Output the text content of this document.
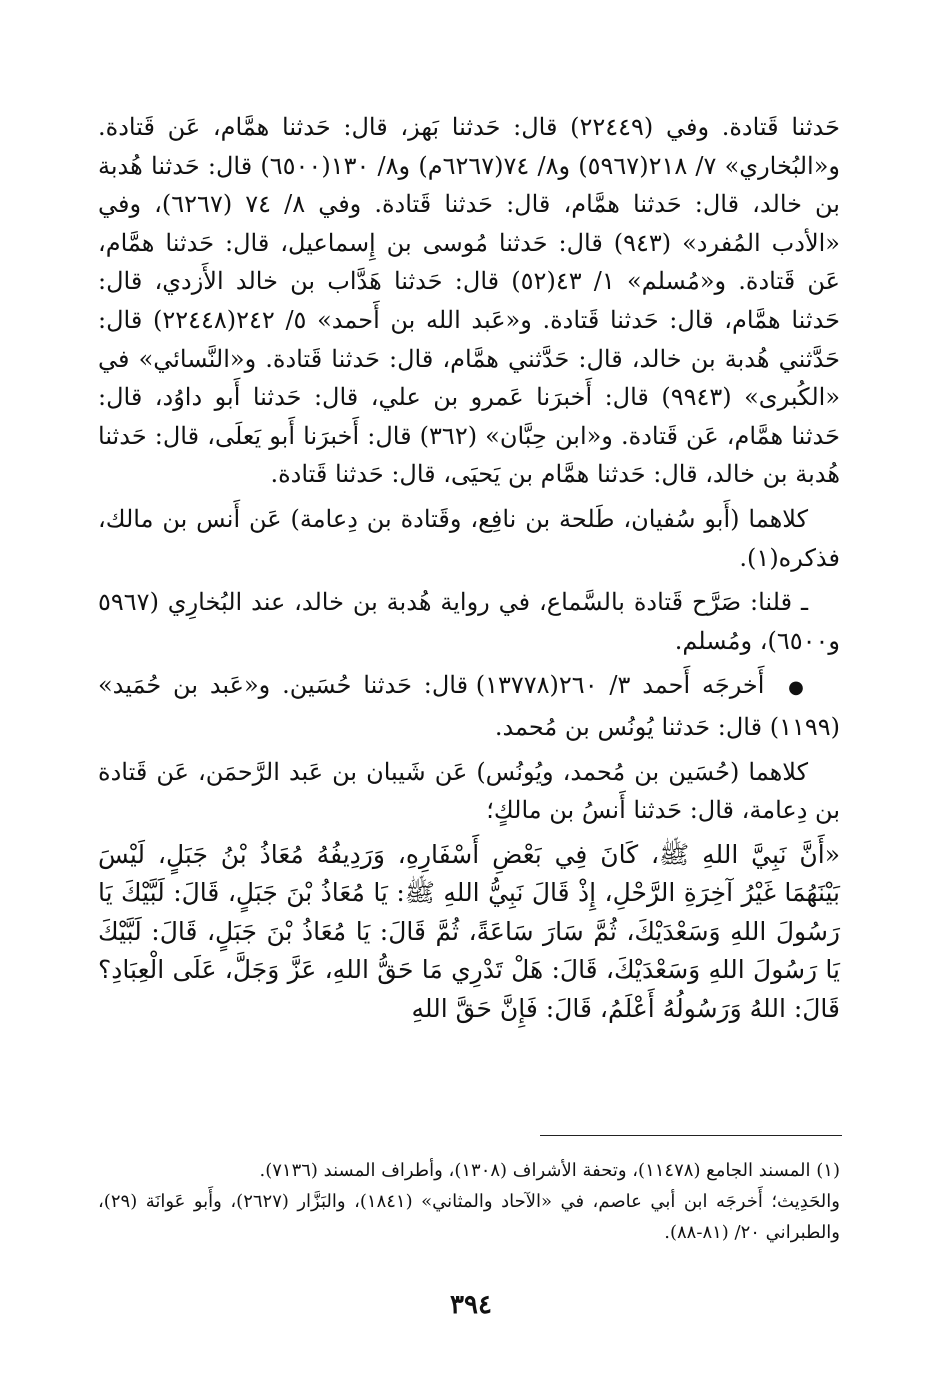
حَدثنا قَتادة. وفي (٢٢٤٤٩) قال: حَدثنا بَهز، قال: حَدثنا همَّام، عَن قَتادة. و«البُخاري» ٧/ ٢١٨(٥٩٦٧) و٨/ ٧٤(٦٢٦٧م) و٨/ ١٣٠(٦٥٠٠) قال: حَدثنا هُدبة بن خالد، قال: حَدثنا همَّام، قال: حَدثنا قَتادة. وفي ٨/ ٧٤ (٦٢٦٧)، وفي «الأدب المُفرد» (٩٤٣) قال: حَدثنا مُوسى بن إِسماعيل، قال: حَدثنا همَّام، عَن قَتادة. و«مُسلم» ١/ ٤٣(٥٢) قال: حَدثنا هَدَّاب بن خالد الأَزدي، قال: حَدثنا همَّام، قال: حَدثنا قَتادة. و«عَبد الله بن أَحمد» ٥/ ٢٤٢(٢٢٤٤٨) قال: حَدَّثني هُدبة بن خالد، قال: حَدَّثني همَّام، قال: حَدثنا قَتادة. و«النَّسائي» في «الكُبرى» (٩٩٤٣) قال: أَخبرَنا عَمرو بن علي، قال: حَدثنا أَبو داوُد، قال: حَدثنا همَّام، عَن قَتادة. و«ابن حِبَّان» (٣٦٢) قال: أَخبرَنا أَبو يَعلَى، قال: حَدثنا هُدبة بن خالد، قال: حَدثنا همَّام بن يَحيَى، قال: حَدثنا قَتادة.

كلاهما (أَبو سُفيان، طَلحة بن نافِع، وقَتادة بن دِعامة) عَن أَنس بن مالك، فذكره(١).

ـ قلنا: صَرَّح قَتادة بالسَّماع، في رواية هُدبة بن خالد، عند البُخارِي (٥٩٦٧ و٦٥٠٠)، ومُسلم.

●  أَخرجَه أَحمد ٣/ ٢٦٠(١٣٧٧٨) قال: حَدثنا حُسَين. و«عَبد بن حُمَيد» (١١٩٩) قال: حَدثنا يُونُس بن مُحمد.

كلاهما (حُسَين بن مُحمد، ويُونُس) عَن شَيبان بن عَبد الرَّحمَن، عَن قَتادة بن دِعامة، قال: حَدثنا أَنسُ بن مالكٍ؛

«أَنَّ نَبِيَّ اللهِ ﷺ، كَانَ فِي بَعْضِ أَسْفَارِهِ، وَرَدِيفُهُ مُعَاذُ بْنُ جَبَلٍ، لَيْسَ بَيْنَهُمَا غَيْرُ آخِرَةِ الرَّحْلِ، إِذْ قَالَ نَبِيُّ اللهِ ﷺ: يَا مُعَاذُ بْنَ جَبَلٍ، قَالَ: لَبَّيْكَ يَا رَسُولَ اللهِ وَسَعْدَيْكَ، ثُمَّ سَارَ سَاعَةً، ثُمَّ قَالَ: يَا مُعَاذُ بْنَ جَبَلٍ، قَالَ: لَبَّيْكَ يَا رَسُولَ اللهِ وَسَعْدَيْكَ، قَالَ: هَلْ تَدْرِي مَا حَقُّ اللهِ، عَزَّ وَجَلَّ، عَلَى الْعِبَادِ؟ قَالَ: اللهُ وَرَسُولُهُ أَعْلَمُ، قَالَ: فَإِنَّ حَقَّ اللهِ

(١) المسند الجامع (١١٤٧٨)، وتحفة الأشراف (١٣٠٨)، وأطراف المسند (٧١٣٦).

والحَدِيث؛ أَخرجَه ابن أبي عاصم، في «الآحاد والمثاني» (١٨٤١)، والبَزَّار (٢٦٢٧)، وأَبو عَوانَة (٢٩)، والطبراني ٢٠/ (٨١-٨٨).

٣٩٤
